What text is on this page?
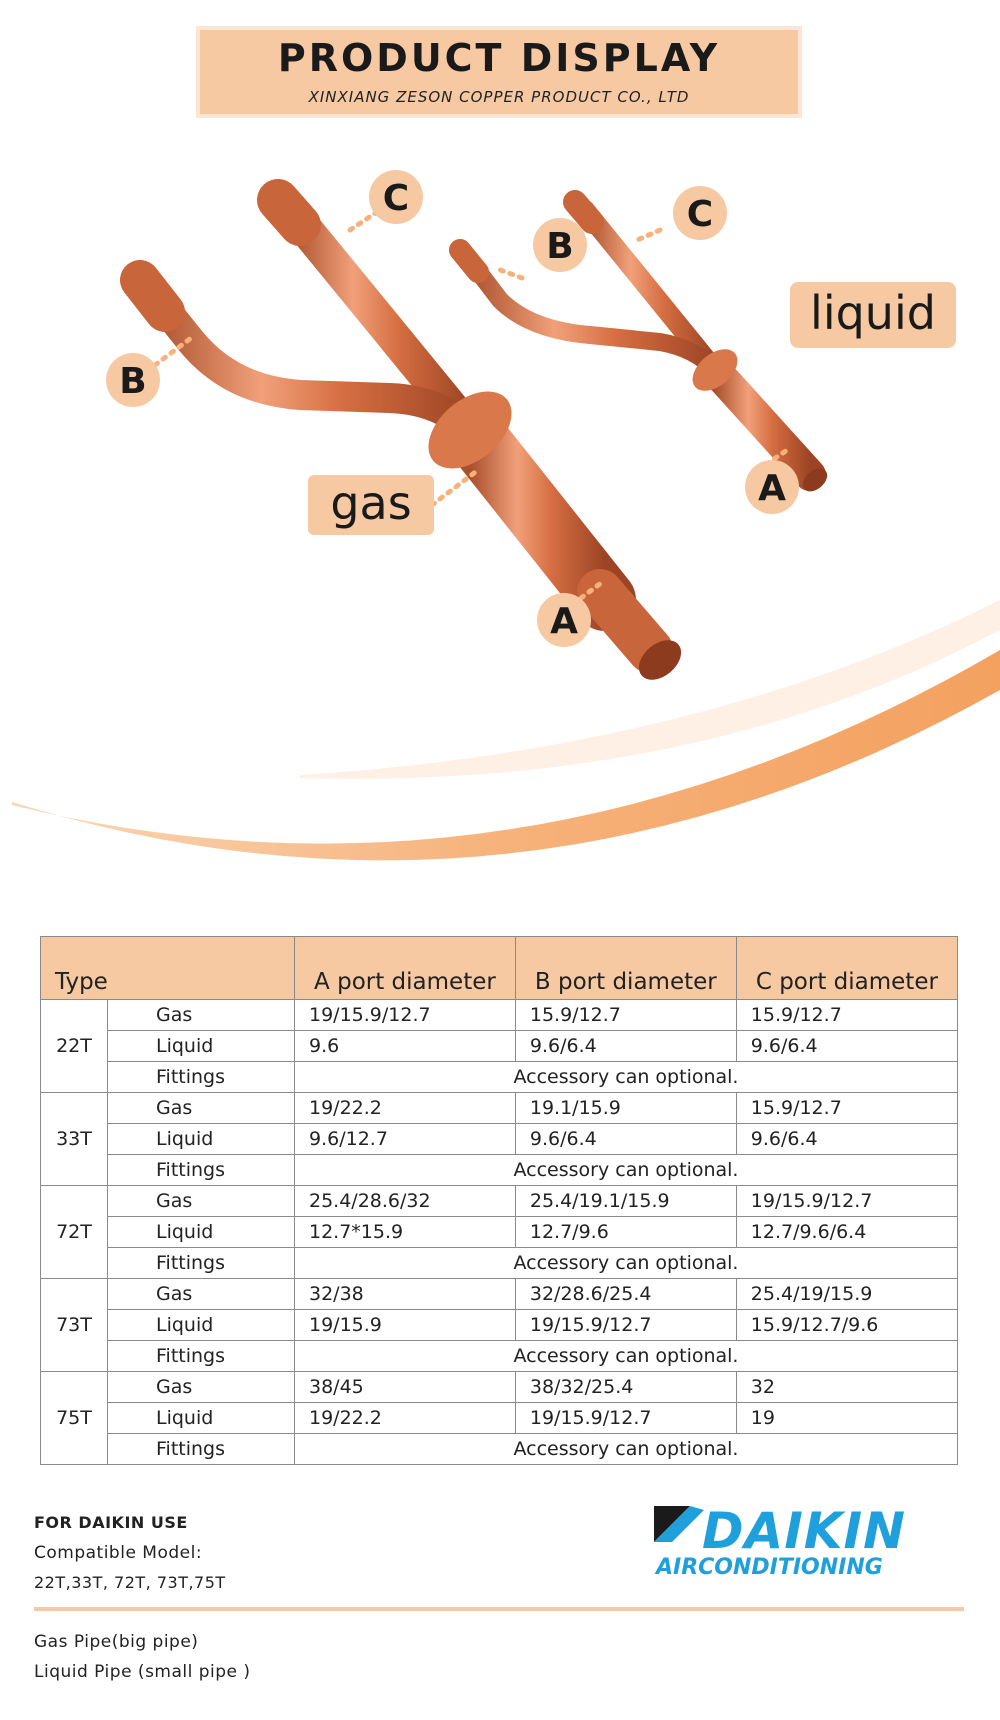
PRODUCT DISPLAY
XINXIANG ZESON COPPER PRODUCT CO., LTD
B
C
A
B
C
A
gas
liquid
Type		A port diameter	B port diameter	C port diameter
22T	Gas	19/15.9/12.7	15.9/12.7	15.9/12.7
	Liquid	9.6	9.6/6.4	9.6/6.4
	Fittings	Accessory can optional.		
33T	Gas	19/22.2	19.1/15.9	15.9/12.7
	Liquid	9.6/12.7	9.6/6.4	9.6/6.4
	Fittings	Accessory can optional.		
72T	Gas	25.4/28.6/32	25.4/19.1/15.9	19/15.9/12.7
	Liquid	12.7*15.9	12.7/9.6	12.7/9.6/6.4
	Fittings	Accessory can optional.		
73T	Gas	32/38	32/28.6/25.4	25.4/19/15.9
	Liquid	19/15.9	19/15.9/12.7	15.9/12.7/9.6
	Fittings	Accessory can optional.		
75T	Gas	38/45	38/32/25.4	32
	Liquid	19/22.2	19/15.9/12.7	19
	Fittings	Accessory can optional.		
FOR DAIKIN USE
Compatible Model:
22T,33T, 72T, 73T,75T
DAIKIN
AIRCONDITIONING
Gas Pipe(big pipe)
Liquid Pipe (small pipe )
